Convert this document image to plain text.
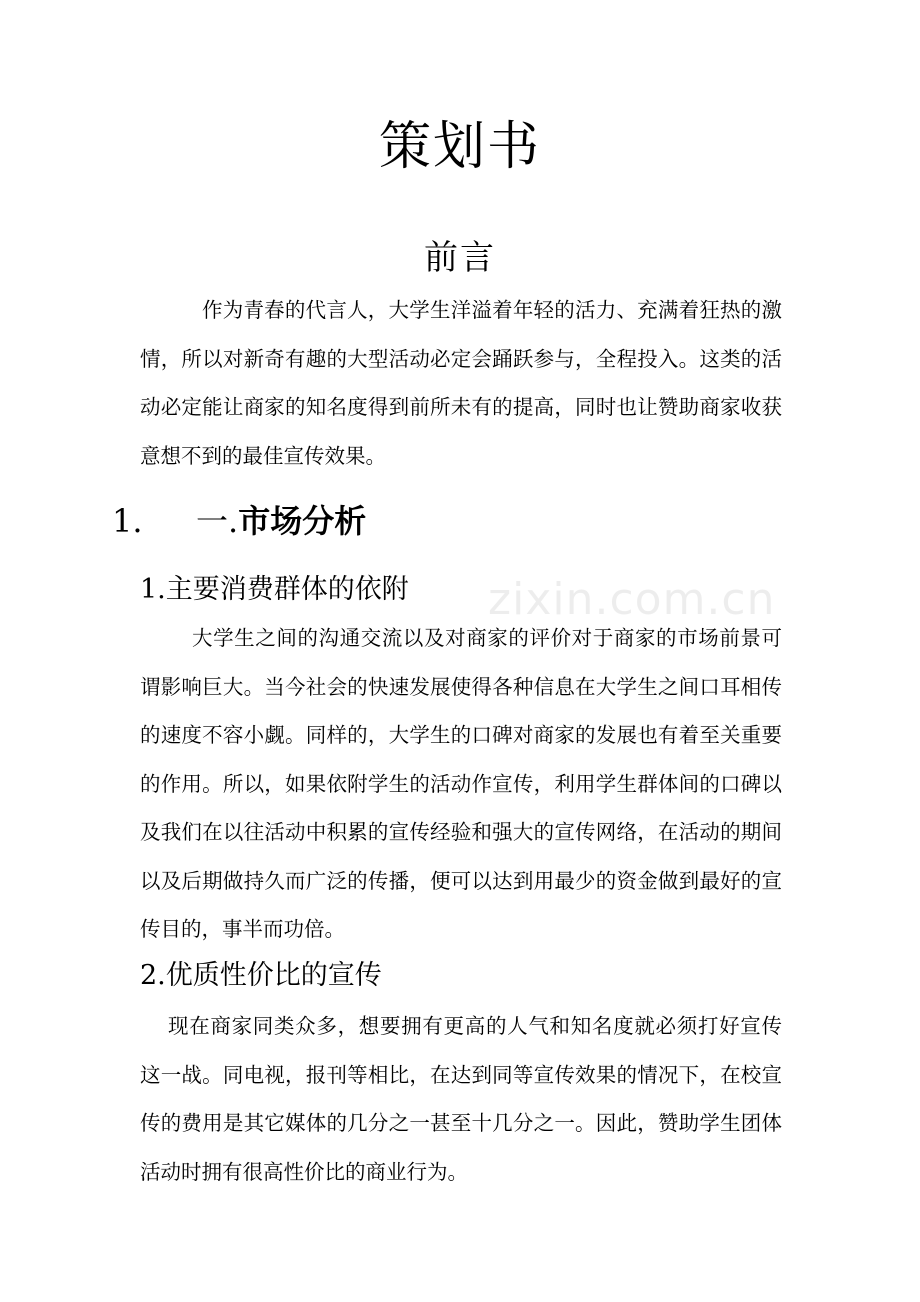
策划书
前言

作为青春的代言人，大学生洋溢着年轻的活力、充满着狂热的激情，所以对新奇有趣的大型活动必定会踊跃参与，全程投入。这类的活动必定能让商家的知名度得到前所未有的提高，同时也让赞助商家收获意想不到的最佳宣传效果。

1. 一.市场分析
1.主要消费群体的依附	zixin.com.cn

大学生之间的沟通交流以及对商家的评价对于商家的市场前景可谓影响巨大。当今社会的快速发展使得各种信息在大学生之间口耳相传的速度不容小觑。同样的，大学生的口碑对商家的发展也有着至关重要的作用。所以，如果依附学生的活动作宣传，利用学生群体间的口碑以及我们在以往活动中积累的宣传经验和强大的宣传网络，在活动的期间以及后期做持久而广泛的传播，便可以达到用最少的资金做到最好的宣传目的，事半而功倍。

2.优质性价比的宣传

现在商家同类众多，想要拥有更高的人气和知名度就必须打好宣传这一战。同电视，报刊等相比，在达到同等宣传效果的情况下，在校宣传的费用是其它媒体的几分之一甚至十几分之一。因此，赞助学生团体活动时拥有很高性价比的商业行为。
